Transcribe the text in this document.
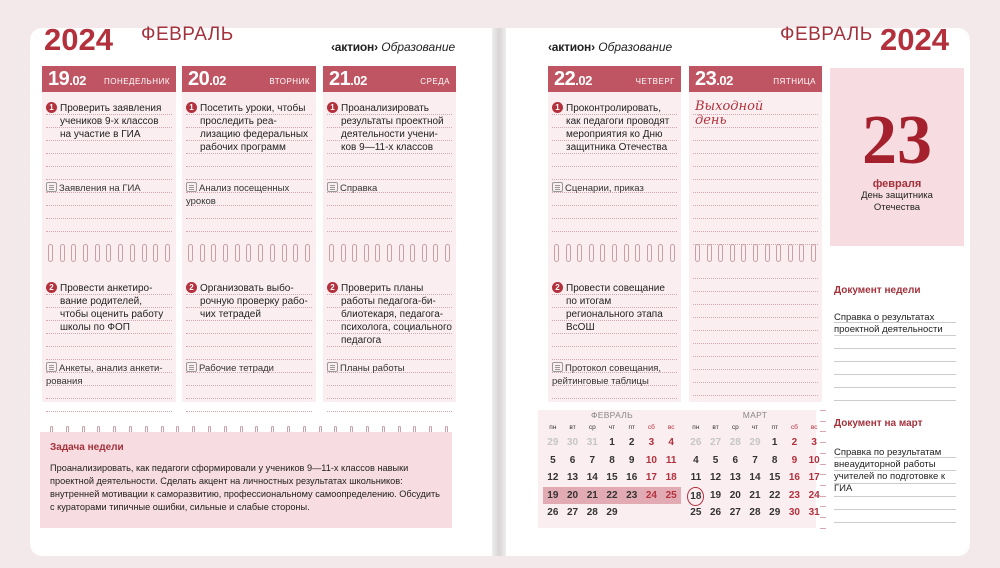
2024 ФЕВРАЛЬ
‹актион› Образование	‹актион› Образование
ФЕВРАЛЬ 2024
19.02 ПОНЕДЕЛЬНИК
1 Проверить заявления учеников 9-х классов на участие в ГИА
Заявления на ГИА
2 Провести анкетиро-вание родителей, чтобы оценить работу школы по ФОП
Анкеты, анализ анкети-рования
20.02	ВТОРНИК
1 Посетить уроки, чтобы проследить реа-лизацию федеральных рабочих программ
Анализ посещенных уроков
2 Организовать выбо-рочную проверку рабо-чих тетрадей
Рабочие тетради
21.02	СРЕДА
1 Проанализировать результаты проектной деятельности учени-ков 9—11-х классов
Справка
2 Проверить планы работы педагога-би-блиотекаря, педагога-психолога, социального педагога
Планы работы
22.02	ЧЕТВЕРГ
1 Проконтролировать, как педагоги проводят мероприятия ко Дню защитника Отечества
Сценарии, приказ
2 Провести совещание по итогам регионального этапа ВсОШ
Протокол совещания, рейтинговые таблицы
23.02	ПЯТНИЦА
Выходной день	23
февраля
День защитника Отечества
Документ недели
Справка о результатах проектной деятельности
Документ на март
Справка по результатам внеаудиторной работы учителей по подготовке к ГИА
Задача недели
Проанализировать, как педагоги сформировали у учеников 9—11-х классов навыки проектной деятельности. Сделать акцент на личностных результатах школьников: внутренней мотивации к саморазвитию, профессиональному самоопределению. Обсудить с кураторами типичные ошибки, сильные и слабые стороны.
ФЕВРАЛЬ
пн	вт	ср	чт	пт	сб	вс
29 30 31	1	2	3	4
5	6	7	8	9	10 11
12 13 14 15 16 17 18
19 20 21 22 23 24 25
26 27 28 29
МАРТ
пн	вт	ср	чт	пт	сб	вс
26 27 28 29	1	2	3
4	5	6	7	8	9	10
11 12 13 14 15 16 17
18 19 20 21 22 23 24
25 26 27 28 29 30 31
